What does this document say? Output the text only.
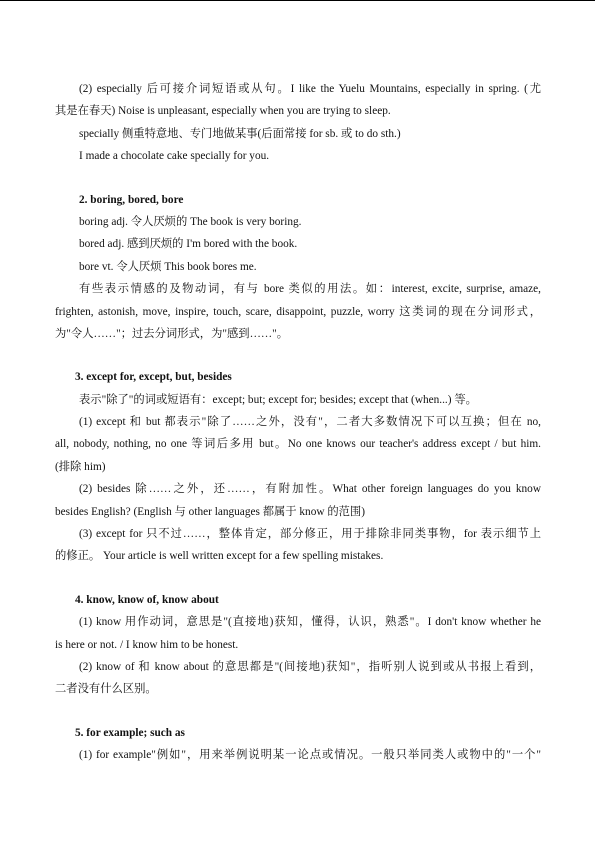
(2) especially 后可接介词短语或从句。I like the Yuelu Mountains, especially in spring. (尤
其是在春天) Noise is unpleasant, especially when you are trying to sleep.
specially 侧重特意地、专门地做某事(后面常接 for sb. 或 to do sth.)
I made a chocolate cake specially for you.
2. boring, bored, bore
boring adj. 令人厌烦的 The book is very boring.
bored adj. 感到厌烦的 I'm bored with the book.
bore vt. 令人厌烦 This book bores me.
有些表示情感的及物动词，有与 bore 类似的用法。如：interest, excite, surprise, amaze,
frighten, astonish, move, inspire, touch, scare, disappoint, puzzle, worry 这类词的现在分词形式，
为"令人……"；过去分词形式，为"感到……"。
3. except for, except, but, besides
表示"除了"的词或短语有：except; but; except for; besides; except that (when...) 等。
(1) except 和 but 都表示"除了……之外，没有"，二者大多数情况下可以互换；但在 no,
all, nobody, nothing, no one 等词后多用 but。No one knows our teacher's address except / but him.
(排除 him)
(2) besides 除……之外，还……，有附加性。What other foreign languages do you know
besides English? (English 与 other languages 都属于 know 的范围)
(3) except for 只不过……，整体肯定，部分修正，用于排除非同类事物，for 表示细节上
的修正。 Your article is well written except for a few spelling mistakes.
4. know, know of, know about
(1) know 用作动词，意思是"(直接地)获知，懂得，认识，熟悉"。I don't know whether he
is here or not. / I know him to be honest.
(2) know of 和 know about 的意思都是"(间接地)获知"，指听别人说到或从书报上看到，
二者没有什么区别。
5. for example; such as
(1) for example"例如"，用来举例说明某一论点或情况。一般只举同类人或物中的"一个"
